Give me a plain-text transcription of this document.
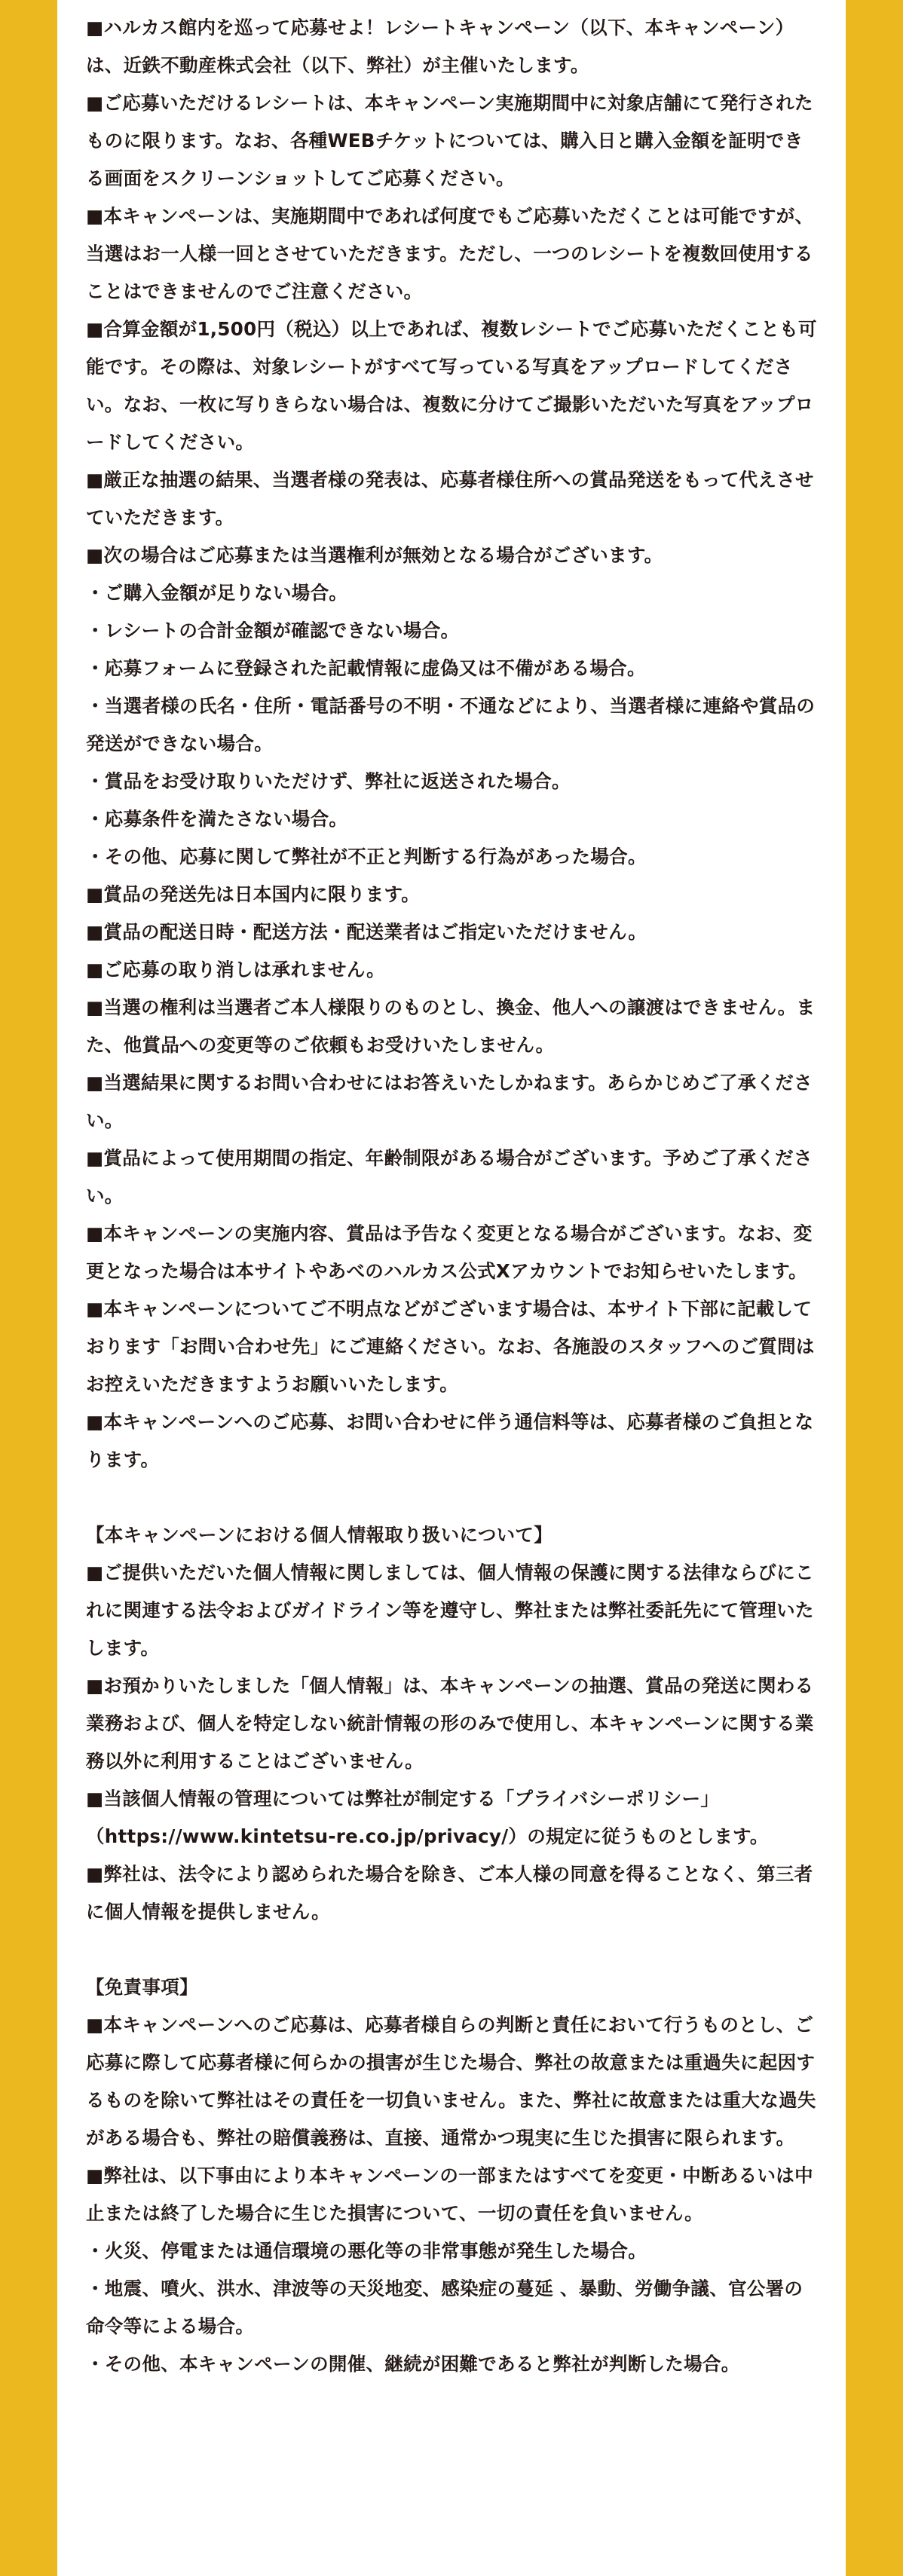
■ハルカス館内を巡って応募せよ！レシートキャンペーン（以下、本キャンペーン）は、近鉄不動産株式会社（以下、弊社）が主催いたします。

■ご応募いただけるレシートは、本キャンペーン実施期間中に対象店舗にて発行されたものに限ります。なお、各種WEBチケットについては、購入日と購入金額を証明できる画面をスクリーンショットしてご応募ください。

■本キャンペーンは、実施期間中であれば何度でもご応募いただくことは可能ですが、当選はお一人様一回とさせていただきます。ただし、一つのレシートを複数回使用することはできませんのでご注意ください。

■合算金額が1,500円（税込）以上であれば、複数レシートでご応募いただくことも可能です。その際は、対象レシートがすべて写っている写真をアップロードしてください。なお、一枚に写りきらない場合は、複数に分けてご撮影いただいた写真をアップロードしてください。

■厳正な抽選の結果、当選者様の発表は、応募者様住所への賞品発送をもって代えさせていただきます。

■次の場合はご応募または当選権利が無効となる場合がございます。

・ご購入金額が足りない場合。

・レシートの合計金額が確認できない場合。

・応募フォームに登録された記載情報に虚偽又は不備がある場合。

・当選者様の氏名・住所・電話番号の不明・不通などにより、当選者様に連絡や賞品の発送ができない場合。

・賞品をお受け取りいただけず、弊社に返送された場合。

・応募条件を満たさない場合。

・その他、応募に関して弊社が不正と判断する行為があった場合。

■賞品の発送先は日本国内に限ります。

■賞品の配送日時・配送方法・配送業者はご指定いただけません。

■ご応募の取り消しは承れません。

■当選の権利は当選者ご本人様限りのものとし、換金、他人への譲渡はできません。また、他賞品への変更等のご依頼もお受けいたしません。

■当選結果に関するお問い合わせにはお答えいたしかねます。あらかじめご了承ください。

■賞品によって使用期間の指定、年齢制限がある場合がございます。予めご了承ください。

■本キャンペーンの実施内容、賞品は予告なく変更となる場合がございます。なお、変更となった場合は本サイトやあべのハルカス公式Xアカウントでお知らせいたします。

■本キャンペーンについてご不明点などがございます場合は、本サイト下部に記載しております「お問い合わせ先」にご連絡ください。なお、各施設のスタッフへのご質問はお控えいただきますようお願いいたします。

■本キャンペーンへのご応募、お問い合わせに伴う通信料等は、応募者様のご負担となります。

【本キャンペーンにおける個人情報取り扱いについて】

■ご提供いただいた個人情報に関しましては、個人情報の保護に関する法律ならびにこれに関連する法令およびガイドライン等を遵守し、弊社または弊社委託先にて管理いたします。

■お預かりいたしました「個人情報」は、本キャンペーンの抽選、賞品の発送に関わる業務および、個人を特定しない統計情報の形のみで使用し、本キャンペーンに関する業務以外に利用することはございません。

■当該個人情報の管理については弊社が制定する「プライバシーポリシー」（https://www.kintetsu-re.co.jp/privacy/）の規定に従うものとします。

■弊社は、法令により認められた場合を除き、ご本人様の同意を得ることなく、第三者に個人情報を提供しません。

【免責事項】

■本キャンペーンへのご応募は、応募者様自らの判断と責任において行うものとし、ご応募に際して応募者様に何らかの損害が生じた場合、弊社の故意または重過失に起因するものを除いて弊社はその責任を一切負いません。また、弊社に故意または重大な過失がある場合も、弊社の賠償義務は、直接、通常かつ現実に生じた損害に限られます。

■弊社は、以下事由により本キャンペーンの一部またはすべてを変更・中断あるいは中止または終了した場合に生じた損害について、一切の責任を負いません。

・火災、停電または通信環境の悪化等の非常事態が発生した場合。

・地震、噴火、洪水、津波等の天災地変、感染症の蔓延 、暴動、労働争議、官公署の命令等による場合。

・その他、本キャンペーンの開催、継続が困難であると弊社が判断した場合。
